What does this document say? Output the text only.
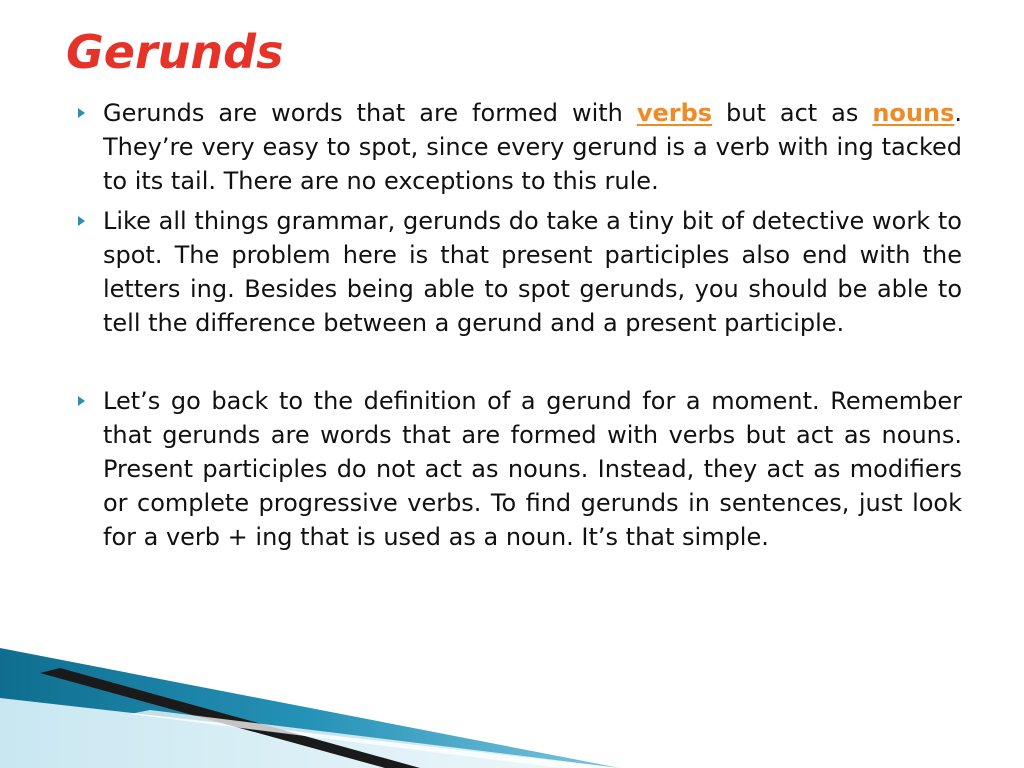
Gerunds
Gerunds are words that are formed with verbs but act as nouns. They’re very easy to spot, since every gerund is a verb with ing tacked to its tail. There are no exceptions to this rule.
Like all things grammar, gerunds do take a tiny bit of detective work to spot. The problem here is that present participles also end with the letters ing. Besides being able to spot gerunds, you should be able to tell the difference between a gerund and a present participle.
Let’s go back to the definition of a gerund for a moment. Remember that gerunds are words that are formed with verbs but act as nouns. Present participles do not act as nouns. Instead, they act as modifiers or complete progressive verbs. To find gerunds in sentences, just look for a verb + ing that is used as a noun. It’s that simple.
